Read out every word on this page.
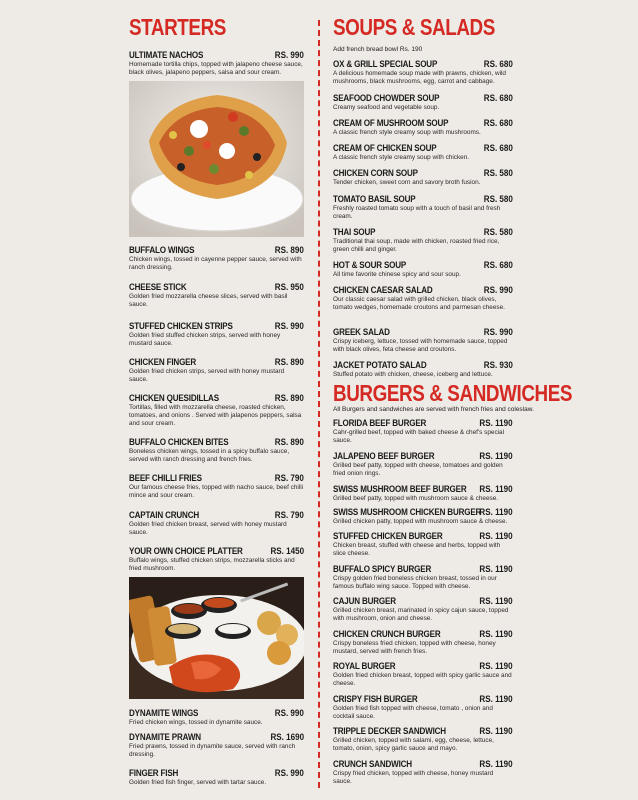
STARTERS
ULTIMATE NACHOS	RS. 990
Homemade tortilla chips, topped with jalapeno cheese sauce, black olives, jalapeno peppers, salsa and sour cream.
BUFFALO WINGS	RS. 890
Chicken wings, tossed in cayenne pepper sauce, served with ranch dressing.
CHEESE STICK	RS. 950
Golden fried mozzarella cheese slices, served with basil sauce.
STUFFED CHICKEN STRIPS	RS. 990
Golden fried stuffed chicken strips, served with honey mustard sauce.
CHICKEN FINGER	RS. 890
Golden fried chicken strips, served with honey mustard sauce.
CHICKEN QUESIDILLAS	RS. 890
Tortillas, filled with mozzarella cheese, roasted chicken, tomatoes, and onions . Served with jalapenos peppers, salsa and sour cream.
BUFFALO CHICKEN BITES	RS. 890
Boneless chicken wings, tossed in a spicy buffalo sauce, served with ranch dressing and french fries.
BEEF CHILLI FRIES	RS. 790
Our famous cheese fries, topped with nacho sauce, beef chilli mince and sour cream.
CAPTAIN CRUNCH	RS. 790
Golden fried chicken breast, served with honey mustard sauce.
YOUR OWN CHOICE PLATTER	RS. 1450
Buffalo wings, stuffed chicken strips, mozzarella sticks and fried mushroom.
DYNAMITE WINGS	RS. 990
Fried chicken wings, tossed in dynamite sauce.
DYNAMITE PRAWN	RS. 1690
Fried prawns, tossed in dynamite sauce, served with ranch dressing.
FINGER FISH	RS. 990
Golden fried fish finger, served with tartar sauce.
SOUPS & SALADS
Add french bread bowl Rs. 190
OX & GRILL SPECIAL SOUP	RS. 680
A delicious homemade soup made with prawns, chicken, wild mushrooms, black mushrooms, egg, carrot and cabbage.
SEAFOOD CHOWDER SOUP	RS. 680
Creamy seafood and vegetable soup.
CREAM OF MUSHROOM SOUP	RS. 680
A classic french style creamy soup with mushrooms.
CREAM OF CHICKEN SOUP	RS. 680
A classic french style creamy soup with chicken.
CHICKEN CORN SOUP	RS. 580
Tender chicken, sweet corn and savory broth fusion.
TOMATO BASIL SOUP	RS. 580
Freshly roasted tomato soup with a touch of basil and fresh cream.
THAI SOUP	RS. 580
Traditional thai soup, made with chicken, roasted fried rice, green chilli and ginger.
HOT & SOUR SOUP	RS. 680
All time favorite chinese spicy and sour soup.
CHICKEN CAESAR SALAD	RS. 990
Our classic caesar salad with grilled chicken, black olives, tomato wedges, homemade croutons and parmesan cheese.
GREEK SALAD	RS. 990
Crispy iceberg, lettuce, tossed with homemade sauce, topped with black olives, feta cheese and croutons.
JACKET POTATO SALAD	RS. 930
Stuffed potato with chicken, cheese, iceberg and lettuce.
BURGERS & SANDWICHES
All Burgers and sandwiches are served with french fries and coleslaw.
FLORIDA BEEF BURGER	RS. 1190
Cahr-grilled beef, topped with baked cheese & chef's special sauce.
JALAPENO BEEF BURGER	RS. 1190
Grilled beef patty, topped with cheese, tomatoes and golden fried onion rings.
SWISS MUSHROOM BEEF BURGER RS. 1190
Grilled beef patty, topped with mushroom sauce & cheese.
SWISS MUSHROOM CHICKEN BURGER
RS. 1190
Grilled chicken patty, topped with mushroom sauce & cheese.
STUFFED CHICKEN BURGER	RS. 1190
Chicken breast, stuffed with cheese and herbs, topped with slice cheese.
BUFFALO SPICY BURGER	RS. 1190
Crispy golden fried boneless chicken breast, tossed in our famous buffalo wing sauce. Topped with cheese.
CAJUN BURGER	RS. 1190
Grilled chicken breast, marinated in spicy cajun sauce, topped with mushroom, onion and cheese.
CHICKEN CRUNCH BURGER	RS. 1190
Crispy boneless fried chicken, topped with cheese, honey mustard, served with french fries.
ROYAL BURGER	RS. 1190
Golden fried chicken breast, topped with spicy garlic sauce and cheese.
CRISPY FISH BURGER	RS. 1190
Golden fried fish topped with cheese, tomato , onion and cocktail sauce.
TRIPPLE DECKER SANDWICH	RS. 1190
Grilled chicken, topped with salami, egg, cheese, lettuce, tomato, onion, spicy garlic sauce and mayo.
CRUNCH SANDWICH	RS. 1190
Crispy fried chicken, topped with cheese, honey mustard sauce.
